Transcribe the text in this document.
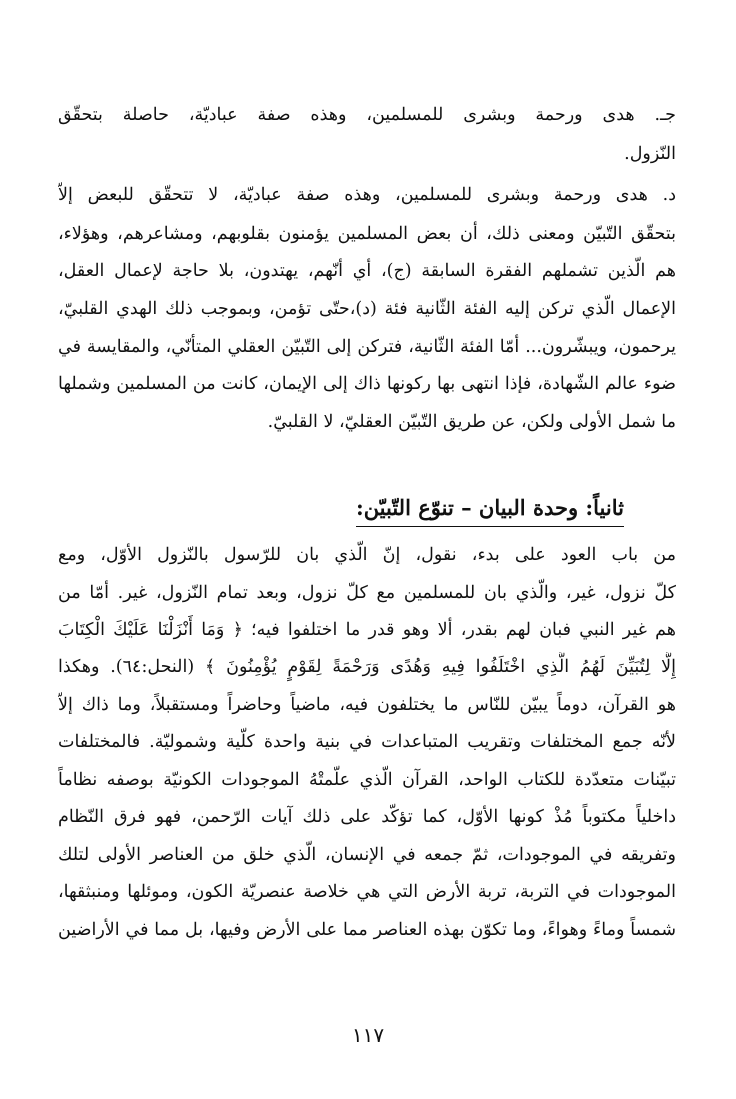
جـ. هدى ورحمة وبشرى للمسلمين، وهذه صفة عباديّة، حاصلة بتحقّق
النّزول.
د. هدى ورحمة وبشرى للمسلمين، وهذه صفة عباديّة، لا تتحقّق للبعض إلاّ
بتحقّق التّبيّن ومعنى ذلك، أن بعض المسلمين يؤمنون بقلوبهم، ومشاعرهم، وهؤلاء،
هم الّذين تشملهم الفقرة السابقة (ج)، أي أنّهم، يهتدون، بلا حاجة لإعمال العقل،
الإعمال الّذي تركن إليه الفئة الثّانية فئة (د)،حتّى تؤمن، وبموجب ذلك الهدي القلبيّ،
يرحمون، ويبشّرون... أمّا الفئة الثّانية، فتركن إلى التّبيّن العقلي المتأنّي، والمقايسة في
ضوء عالم الشّهادة، فإذا انتهى بها ركونها ذاك إلى الإيمان، كانت من المسلمين وشملها
ما شمل الأولى ولكن، عن طريق التّبيّن العقليّ، لا القلبيّ.
ثانياً: وحدة البيان – تنوّع التّبيّن:
من باب العود على بدء، نقول، إنّ الّذي بان للرّسول بالنّزول الأوّل، ومع
كلّ نزول، غير، والّذي بان للمسلمين مع كلّ نزول، وبعد تمام النّزول، غير. أمّا من
هم غير النبي فبان لهم بقدر، ألا وهو قدر ما اختلفوا فيه؛ ﴿ وَمَا أَنْزَلْنَا عَلَيْكَ الْكِتَابَ
إِلَّا لِتُبَيِّنَ لَهُمُ الَّذِي اخْتَلَفُوا فِيهِ وَهُدًى وَرَحْمَةً لِقَوْمٍ يُؤْمِنُونَ ﴾ (النحل:٦٤). وهكذا
هو القرآن، دوماً يبيّن للنّاس ما يختلفون فيه، ماضياً وحاضراً ومستقبلاً، وما ذاك إلاّ
لأنّه جمع المختلفات وتقريب المتباعدات في بنية واحدة كلّية وشموليّة. فالمختلفات
تبيّنات متعدّدة للكتاب الواحد، القرآن الّذي علّمتْهُ الموجودات الكونيّة بوصفه نظاماً
داخلياً مكتوباً مُذْ كونها الأوّل، كما تؤكّد على ذلك آيات الرّحمن، فهو فرق النّظام
وتفريقه في الموجودات، ثمّ جمعه في الإنسان، الّذي خلق من العناصر الأولى لتلك
الموجودات في التربة، تربة الأرض التي هي خلاصة عنصريّة الكون، وموئلها ومنبثقها،
شمساً وماءً وهواءً، وما تكوّن بهذه العناصر مما على الأرض وفيها، بل مما في الأراضين
١١٧
